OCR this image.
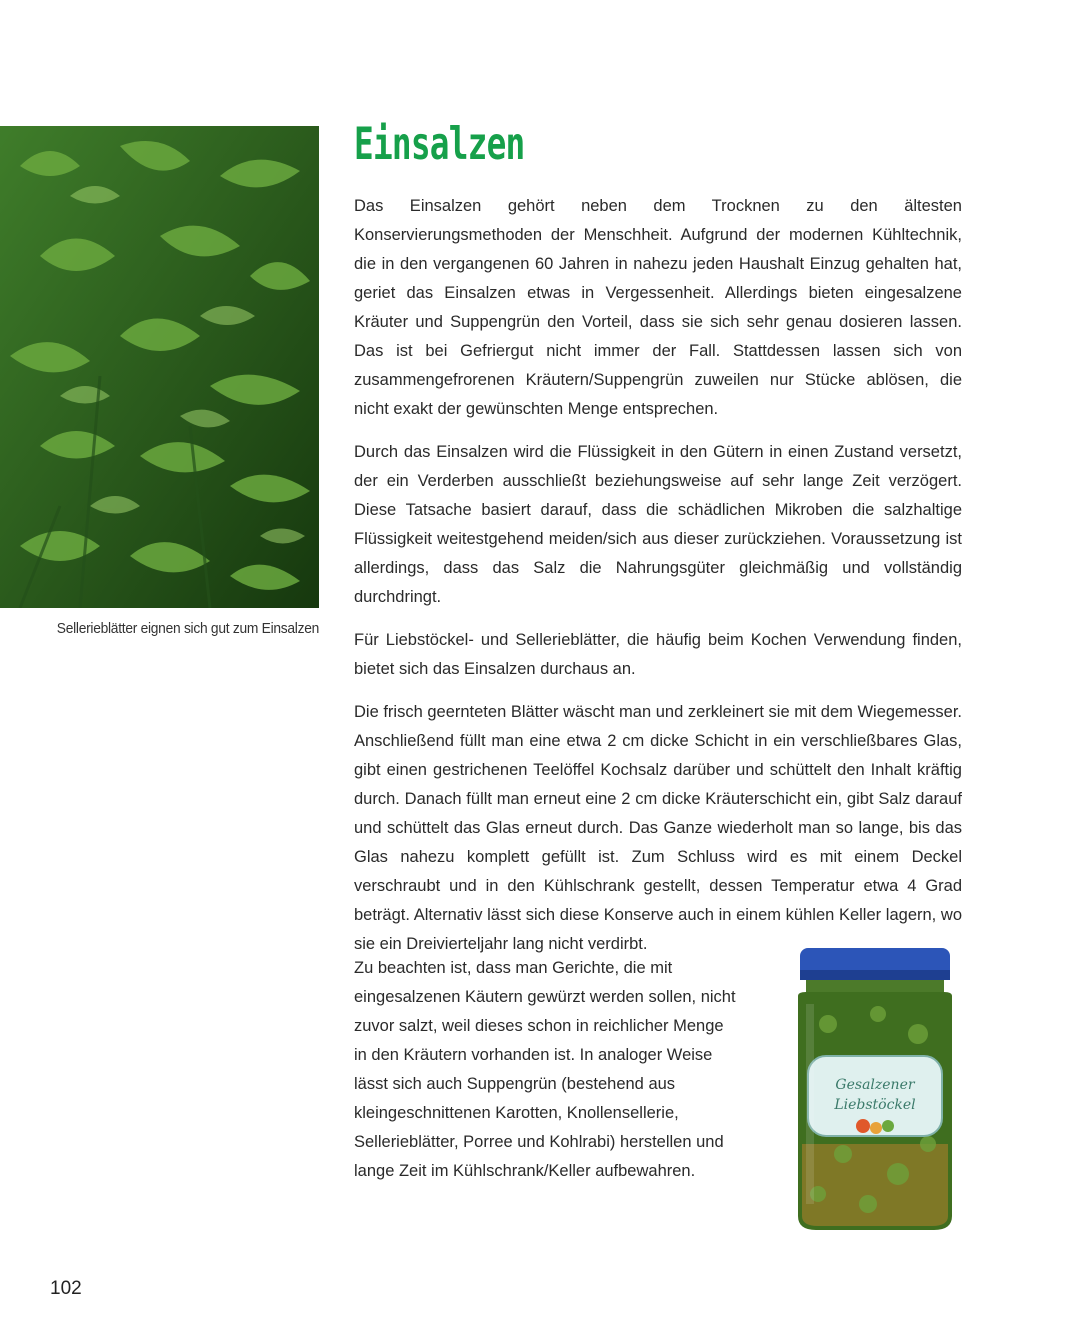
Sellerieblätter eignen sich gut zum Einsalzen
Einsalzen

Das Einsalzen gehört neben dem Trocknen zu den ältesten Konservierungsmethoden der Menschheit. Aufgrund der modernen Kühltechnik, die in den vergangenen 60 Jahren in nahezu jeden Haushalt Einzug gehalten hat, geriet das Einsalzen etwas in Vergessenheit. Allerdings bieten eingesalzene Kräuter und Suppengrün den Vorteil, dass sie sich sehr genau dosieren lassen. Das ist bei Gefriergut nicht immer der Fall. Stattdessen lassen sich von zusammengefrorenen Kräutern/Suppengrün zuweilen nur Stücke ablösen, die nicht exakt der gewünschten Menge entsprechen.

Durch das Einsalzen wird die Flüssigkeit in den Gütern in einen Zustand versetzt, der ein Verderben ausschließt beziehungsweise auf sehr lange Zeit verzögert. Diese Tatsache basiert darauf, dass die schädlichen Mikroben die salzhaltige Flüssigkeit weitestgehend meiden/sich aus dieser zurückziehen. Voraussetzung ist allerdings, dass das Salz die Nahrungsgüter gleichmäßig und vollständig durchdringt.

Für Liebstöckel- und Sellerieblätter, die häufig beim Kochen Verwendung finden, bietet sich das Einsalzen durchaus an.

Die frisch geernteten Blätter wäscht man und zerkleinert sie mit dem Wiegemesser. Anschließend füllt man eine etwa 2 cm dicke Schicht in ein verschließbares Glas, gibt einen gestrichenen Teelöffel Kochsalz darüber und schüttelt den Inhalt kräftig durch. Danach füllt man erneut eine 2 cm dicke Kräuterschicht ein, gibt Salz darauf und schüttelt das Glas erneut durch. Das Ganze wiederholt man so lange, bis das Glas nahezu komplett gefüllt ist. Zum Schluss wird es mit einem Deckel verschraubt und in den Kühlschrank gestellt, dessen Temperatur etwa 4 Grad beträgt. Alternativ lässt sich diese Konserve auch in einem kühlen Keller lagern, wo sie ein Dreivierteljahr lang nicht verdirbt.

Zu beachten ist, dass man Gerichte, die mit eingesalzenen Käutern gewürzt werden sollen, nicht zuvor salzt, weil dieses schon in reichlicher Menge in den Kräutern vorhanden ist. In analoger Weise lässt sich auch Suppengrün (bestehend aus kleingeschnittenen Karotten, Knollensellerie, Sellerieblätter, Porree und Kohlrabi) herstellen und lange Zeit im Kühlschrank/Keller aufbewahren.

Gesalzener
Liebstöckel
102
